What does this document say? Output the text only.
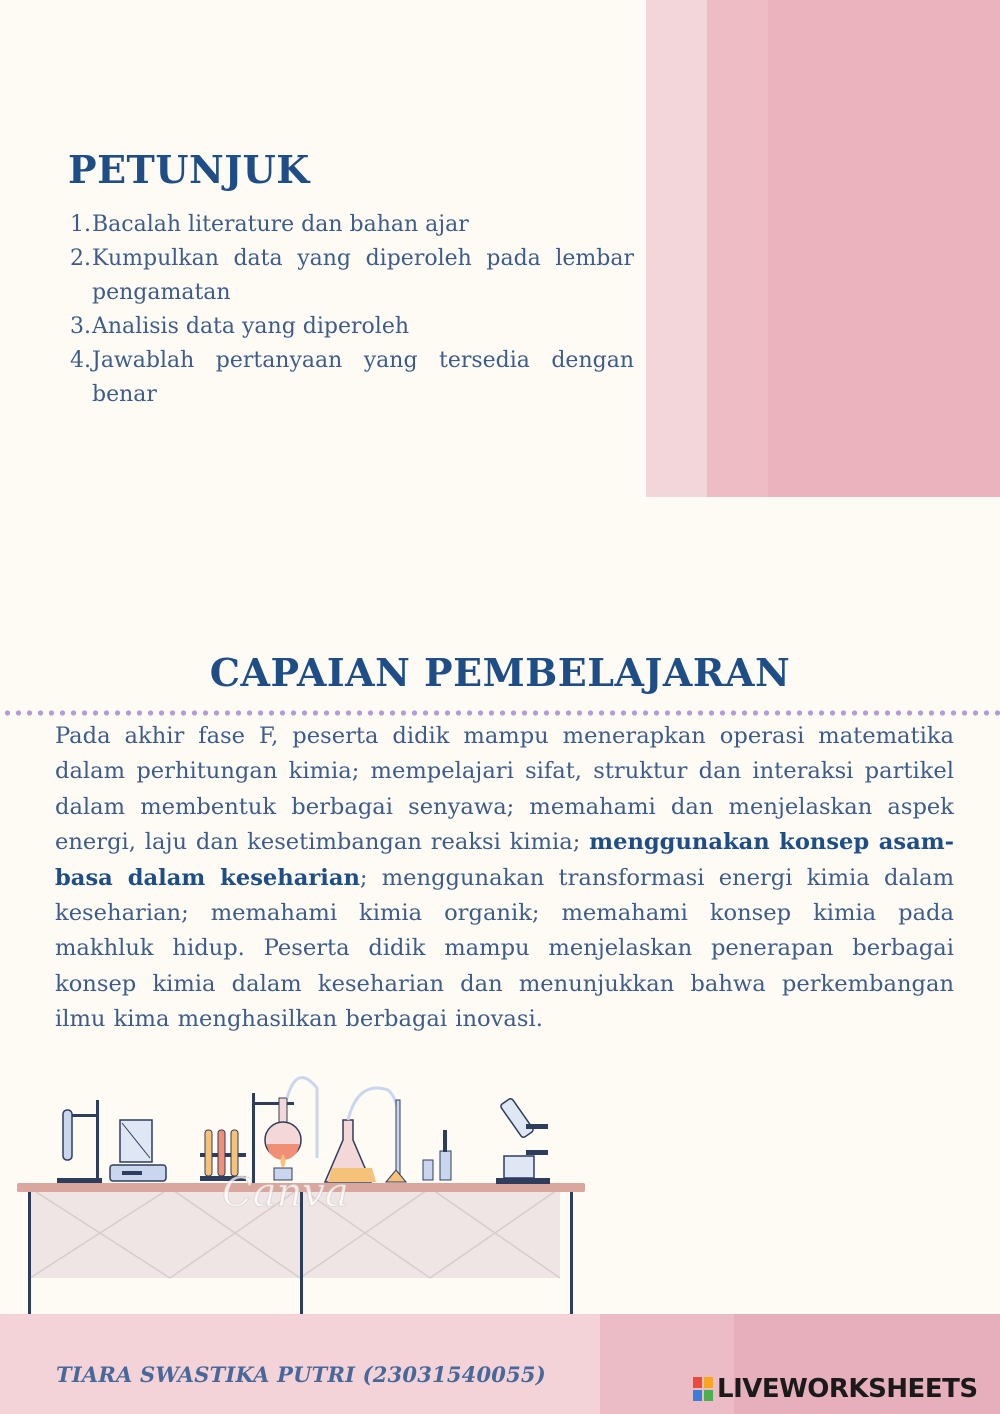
PETUNJUK
1. Bacalah literature dan bahan ajar
2. Kumpulkan data yang diperoleh pada lembar
pengamatan
3. Analisis data yang diperoleh
4. Jawablah pertanyaan yang tersedia dengan
benar
CAPAIAN PEMBELAJARAN

Pada akhir fase F, peserta didik mampu menerapkan operasi matematika dalam perhitungan kimia; mempelajari sifat, struktur dan interaksi partikel dalam membentuk berbagai senyawa; memahami dan menjelaskan aspek energi, laju dan kesetimbangan reaksi kimia; menggunakan konsep asam-basa dalam keseharian; menggunakan transformasi energi kimia dalam keseharian; memahami kimia organik; memahami konsep kimia pada makhluk hidup. Peserta didik mampu menjelaskan penerapan berbagai konsep kimia dalam keseharian dan menunjukkan bahwa perkembangan ilmu kima menghasilkan berbagai inovasi.

Canva
TIARA SWASTIKA PUTRI (23031540055)	LIVEWORKSHEETS
